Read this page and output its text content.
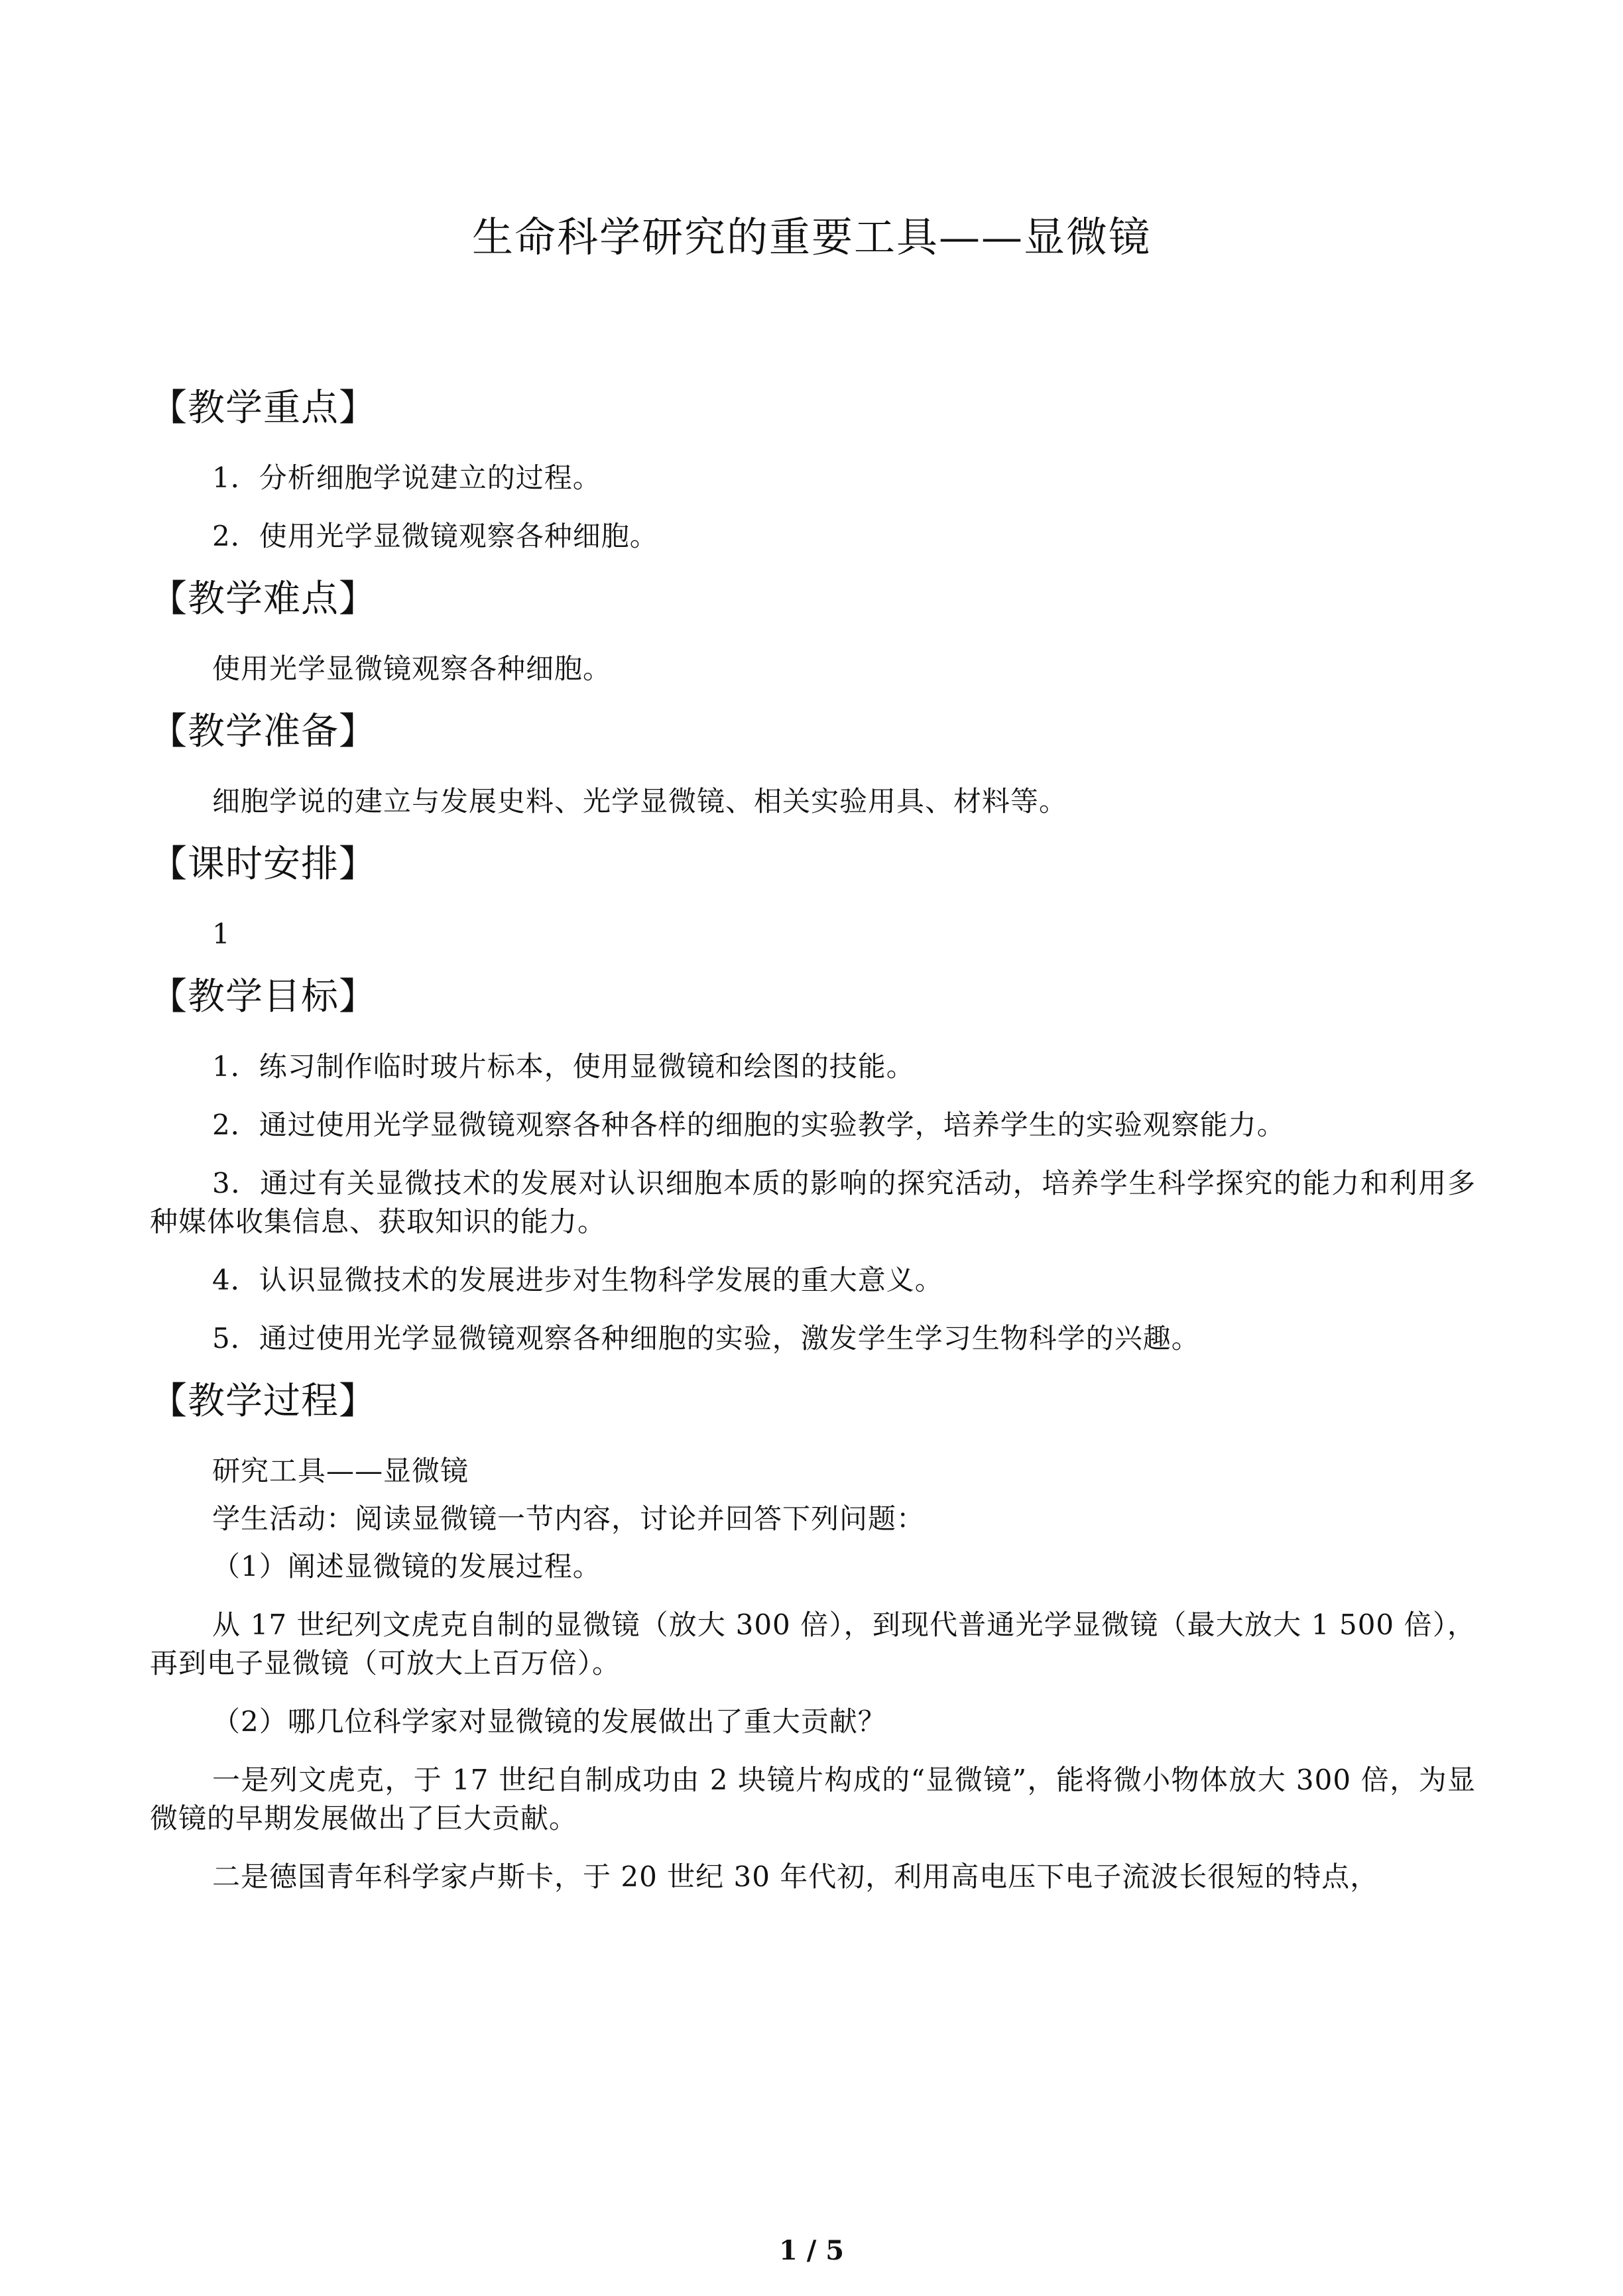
生命科学研究的重要工具——显微镜
【教学重点】

1．分析细胞学说建立的过程。

2．使用光学显微镜观察各种细胞。

【教学难点】

使用光学显微镜观察各种细胞。

【教学准备】

细胞学说的建立与发展史料、光学显微镜、相关实验用具、材料等。

【课时安排】

1

【教学目标】

1．练习制作临时玻片标本，使用显微镜和绘图的技能。

2．通过使用光学显微镜观察各种各样的细胞的实验教学，培养学生的实验观察能力。

3．通过有关显微技术的发展对认识细胞本质的影响的探究活动，培养学生科学探究的能力和利用多种媒体收集信息、获取知识的能力。

4．认识显微技术的发展进步对生物科学发展的重大意义。

5．通过使用光学显微镜观察各种细胞的实验，激发学生学习生物科学的兴趣。

【教学过程】

研究工具——显微镜

学生活动：阅读显微镜一节内容，讨论并回答下列问题：

（1）阐述显微镜的发展过程。

从 17 世纪列文虎克自制的显微镜（放大 300 倍），到现代普通光学显微镜（最大放大 1 500 倍），再到电子显微镜（可放大上百万倍）。

（2）哪几位科学家对显微镜的发展做出了重大贡献？

一是列文虎克，于 17 世纪自制成功由 2 块镜片构成的“显微镜”，能将微小物体放大 300 倍，为显微镜的早期发展做出了巨大贡献。

二是德国青年科学家卢斯卡，于 20 世纪 30 年代初，利用高电压下电子流波长很短的特点，

1 / 5
